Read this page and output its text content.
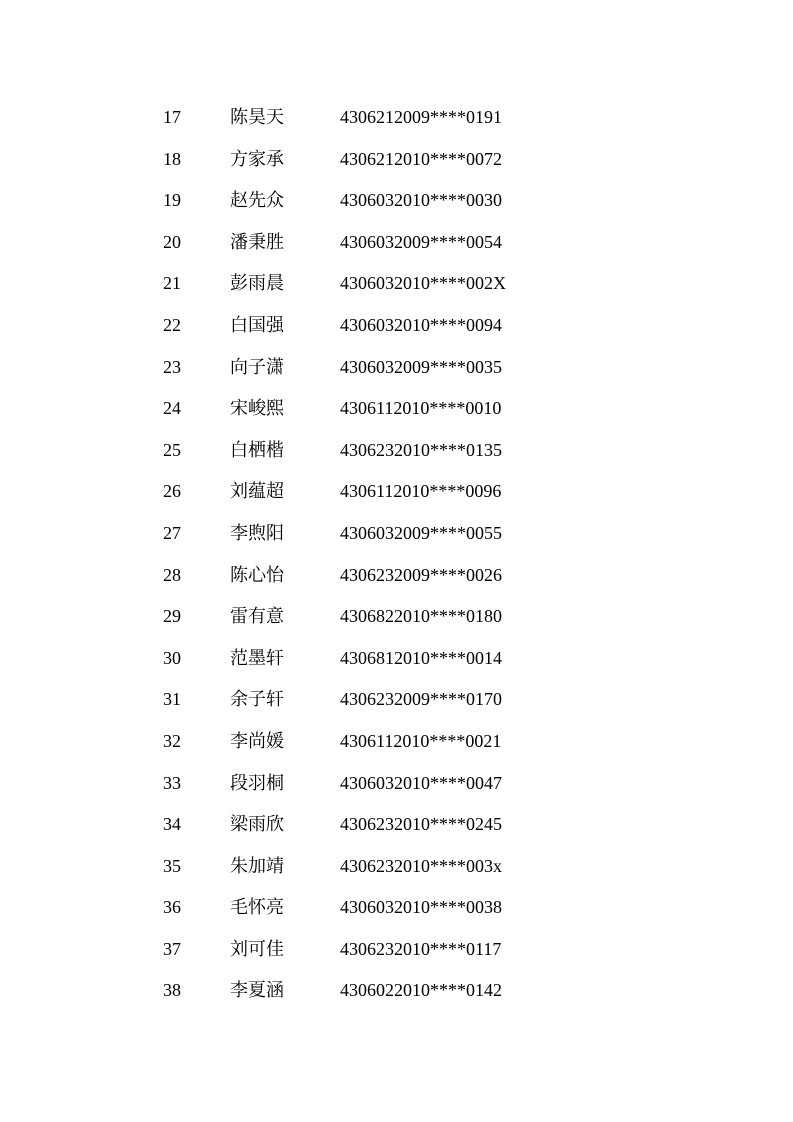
17	陈昊天	4306212009****0191
18	方家承	4306212010****0072
19	赵先众	4306032010****0030
20	潘秉胜	4306032009****0054
21	彭雨晨	4306032010****002X
22	白国强	4306032010****0094
23	向子潇	4306032009****0035
24	宋峻熙	4306112010****0010
25	白栖楷	4306232010****0135
26	刘蕴超	4306112010****0096
27	李煦阳	4306032009****0055
28	陈心怡	4306232009****0026
29	雷有意	4306822010****0180
30	范墨轩	4306812010****0014
31	余子轩	4306232009****0170
32	李尚媛	4306112010****0021
33	段羽桐	4306032010****0047
34	梁雨欣	4306232010****0245
35	朱加靖	4306232010****003x
36	毛怀亮	4306032010****0038
37	刘可佳	4306232010****0117
38	李夏涵	4306022010****0142
